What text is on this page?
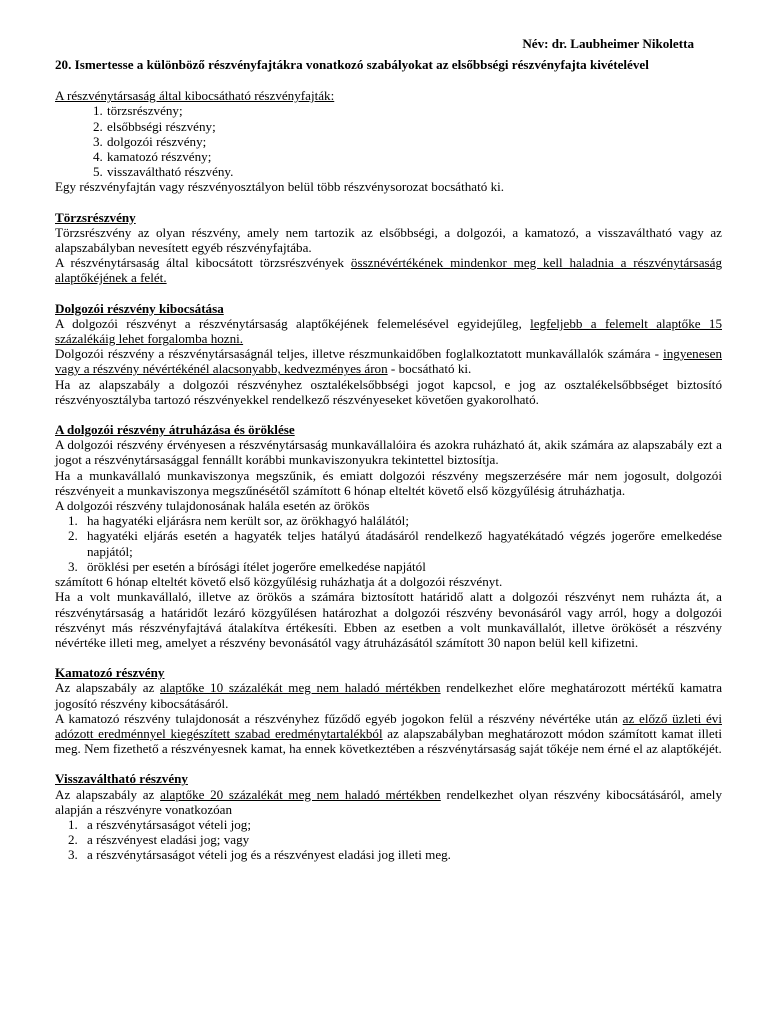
Név: dr. Laubheimer Nikoletta
20. Ismertesse a különböző részvényfajtákra vonatkozó szabályokat az elsőbbségi részvényfajta kivételével
A részvénytársaság által kibocsátható részvényfajták:
1. törzsrészvény;
2. elsőbbségi részvény;
3. dolgozói részvény;
4. kamatozó részvény;
5. visszaváltható részvény.

Egy részvényfajtán vagy részvényosztályon belül több részvénysorozat bocsátható ki.

Törzsrészvény

Törzsrészvény az olyan részvény, amely nem tartozik az elsőbbségi, a dolgozói, a kamatozó, a visszaváltható vagy az alapszabályban nevesített egyéb részvényfajtába.

A részvénytársaság által kibocsátott törzsrészvények össznévértékének mindenkor meg kell haladnia a részvénytársaság alaptőkéjének a felét.

Dolgozói részvény kibocsátása

A dolgozói részvényt a részvénytársaság alaptőkéjének felemelésével egyidejűleg, legfeljebb a felemelt alaptőke 15 százalékáig lehet forgalomba hozni.

Dolgozói részvény a részvénytársaságnál teljes, illetve részmunkaidőben foglalkoztatott munkavállalók számára - ingyenesen vagy a részvény névértékénél alacsonyabb, kedvezményes áron - bocsátható ki.

Ha az alapszabály a dolgozói részvényhez osztalékelsőbbségi jogot kapcsol, e jog az osztalékelsőbbséget biztosító részvényosztályba tartozó részvényekkel rendelkező részvényeseket követően gyakorolható.

A dolgozói részvény átruházása és öröklése

A dolgozói részvény érvényesen a részvénytársaság munkavállalóira és azokra ruházható át, akik számára az alapszabály ezt a jogot a részvénytársasággal fennállt korábbi munkaviszonyukra tekintettel biztosítja.

Ha a munkavállaló munkaviszonya megszűnik, és emiatt dolgozói részvény megszerzésére már nem jogosult, dolgozói részvényeit a munkaviszonya megszűnésétől számított 6 hónap elteltét követő első közgyűlésig átruházhatja.

A dolgozói részvény tulajdonosának halála esetén az örökös

1. ha hagyatéki eljárásra nem került sor, az örökhagyó halálától;
2. hagyatéki eljárás esetén a hagyaték teljes hatályú átadásáról rendelkező hagyatékátadó végzés jogerőre emelkedése napjától;
3. öröklési per esetén a bírósági ítélet jogerőre emelkedése napjától

számított 6 hónap elteltét követő első közgyűlésig ruházhatja át a dolgozói részvényt.

Ha a volt munkavállaló, illetve az örökös a számára biztosított határidő alatt a dolgozói részvényt nem ruházta át, a részvénytársaság a határidőt lezáró közgyűlésen határozhat a dolgozói részvény bevonásáról vagy arról, hogy a dolgozói részvényt más részvényfajtává átalakítva értékesíti. Ebben az esetben a volt munkavállalót, illetve örökösét a részvény névértéke illeti meg, amelyet a részvény bevonásától vagy átruházásától számított 30 napon belül kell kifizetni.

Kamatozó részvény

Az alapszabály az alaptőke 10 százalékát meg nem haladó mértékben rendelkezhet előre meghatározott mértékű kamatra jogosító részvény kibocsátásáról.

A kamatozó részvény tulajdonosát a részvényhez fűződő egyéb jogokon felül a részvény névértéke után az előző üzleti évi adózott eredménnyel kiegészített szabad eredménytartalékból az alapszabályban meghatározott módon számított kamat illeti meg. Nem fizethető a részvényesnek kamat, ha ennek következtében a részvénytársaság saját tőkéje nem érné el az alaptőkéjét.

Visszaváltható részvény

Az alapszabály az alaptőke 20 százalékát meg nem haladó mértékben rendelkezhet olyan részvény kibocsátásáról, amely alapján a részvényre vonatkozóan

1. a részvénytársaságot vételi jog;
2. a részvényest eladási jog; vagy
3. a részvénytársaságot vételi jog és a részvényest eladási jog illeti meg.
